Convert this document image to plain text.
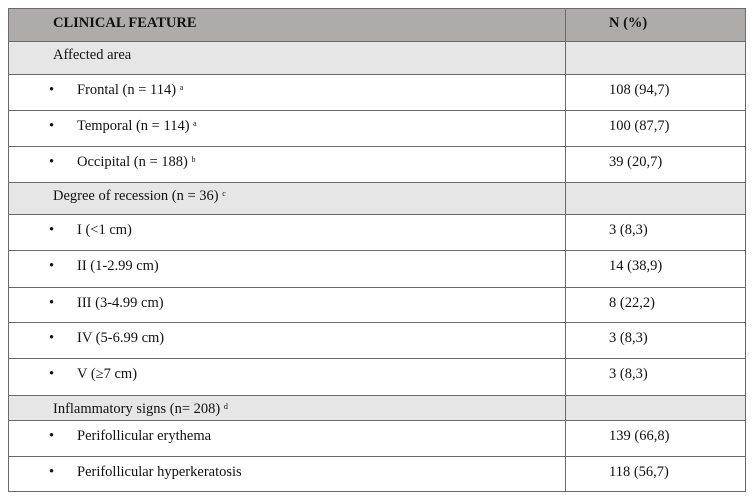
CLINICAL FEATURE	N (%)
Affected area	
• Frontal (n = 114) $^a$	108 (94,7)
• Temporal (n = 114) $^a$	100 (87,7)
• Occipital (n = 188) $^b$	39 (20,7)
Degree of recession (n = 36) $^c$	
• I (<1 cm)	3 (8,3)
• II (1-2.99 cm)	14 (38,9)
• III (3-4.99 cm)	8 (22,2)
• IV (5-6.99 cm)	3 (8,3)
• V (≥7 cm)	3 (8,3)
Inflammatory signs (n= 208) $^d$	
• Perifollicular erythema	139 (66,8)
• Perifollicular hyperkeratosis	118 (56,7)
